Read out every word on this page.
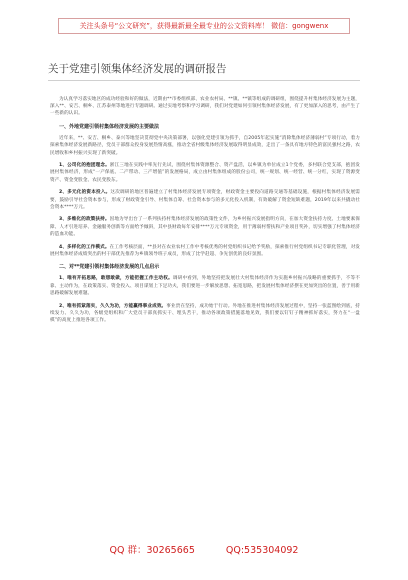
关注头条号“公文研究”，获得最新最全最专业的公文资料库！ 微信：gongwenx
关于党建引领集体经济发展的调研报告

为认真学习落实地区的成功经验和好的做法，近期由**市委组织部、农业农村局、**镇、**镇等组成的调研组，围绕提升村集体经济发展为主题，深入**、安吉、桐乡、江苏泰州等地进行专题调研。通过实地考察和学习调研，我们对党建如何引领村集体经济发展，有了更加深入的思考，由产生了一些新的认识。

一、外地党建引领村集体经济发展的主要做法

近年来，**、安吉、桐乡、泰兴等地坚决贯彻党中央决策部署，以强化党建引领为抓手，自2005年起实施“消除集体经济薄弱村”专项行动，着力探索集体经济发展新路径，党员干部群众投身发展热情高涨，推动全省村级集体经济发展取得明显成效，走出了一条具有地方特色的富民强村之路，农民增收和乡村振兴实现了新突破。

1、公司化的抱团理念。浙江三地在实践中率先行先试，围绕村集体资源整合、资产盘活，以乡镇为单位成立1个党委，多村联合党支部，抱团发展村集体经济，形成“一产保底、二产带动、三产增值”的发展格局，成立由村集体组成的股份公司，统一规划、统一经营、统一分红，实现了资源变资产、资金变股金、农民变股东。

2、多元化的资本投入。这次调研的地区普遍建立了村集体经济发展专项资金，财政资金主要投向道路交通等基础设施，根据村集体经济发展需要，鼓励引导社会资本参与，形成了财政资金引导、村集体自筹、社会资本参与的多元化投入机制，有效破解了资金短缺难题，2019年以来共撬动社会资本****万元。

3、多维化的政策扶持。因地为导出台了一系列扶持村集体经济发展的政策性文件，为乡村振兴发展指明方向，在加大资金扶持力度、土地要素保障、人才引进培养、金融服务创新等方面给予倾斜，其中县财政每年安排****万元专项资金，用于薄弱村帮扶和产业项目奖补，切实增强了村集体经济的造血功能。

4、多样化的工作模式。在工作考核层面，**县对在农业农村工作中考核优秀的村党组织书记给予奖励，探索推行村党组织书记专职化管理，对发展村集体经济成绩突出的村干部优先推荐为乡镇领导班子成员，形成了比学赶超、争先创优的良好氛围。

二、对**党建引领村集体经济发展的几点启示

1、唯有开拓思路，敢想敢做，方能把握工作主动权。调研中看到，外地坚持把发展壮大村集体经济作为实施乡村振兴战略的重要抓手，不等不靠、主动作为，在政策落实、资金投入、项目谋划上下足功夫，我们要进一步解放思想、拓宽思路，把发展村集体经济摆在更加突出的位置，善于用新思路破解发展难题。

2、唯有抓紧落实，久久为功，方能赢得事业成效。事业贵在坚持，成功始于行动。外地在推进村集体经济发展过程中，坚持一张蓝图绘到底，持续发力、久久为功，各级党组织和广大党员干部真抓实干、埋头苦干，推动各项政策措施落地见效，我们要以钉钉子精神抓好落实，努力在“一盘棋”的高度上推进各项工作。

QQ 群：30265665	QQ:535304092
